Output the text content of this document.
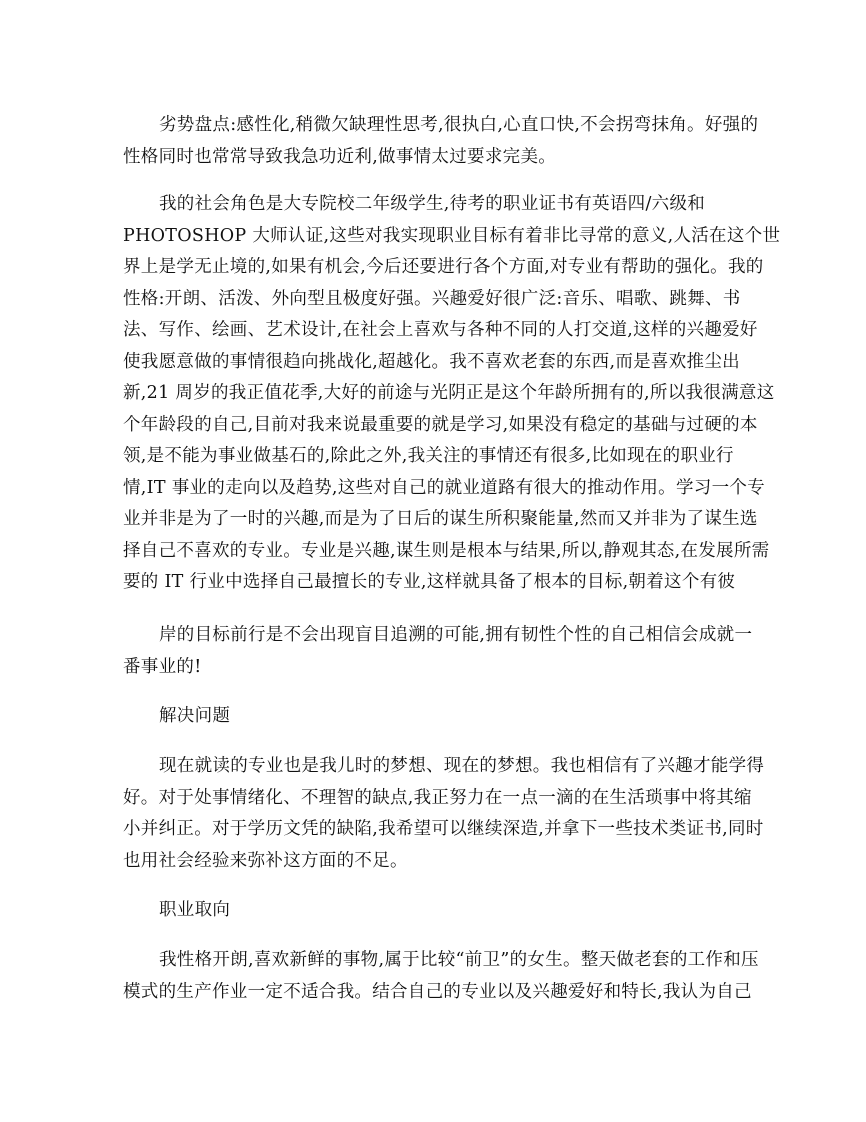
劣势盘点:感性化,稍微欠缺理性思考,很执白,心直口快,不会拐弯抹角。好强的
性格同时也常常导致我急功近利,做事情太过要求完美。
我的社会角色是大专院校二年级学生,待考的职业证书有英语四/六级和
PHOTOSHOP 大师认证,这些对我实现职业目标有着非比寻常的意义,人活在这个世
界上是学无止境的,如果有机会,今后还要进行各个方面,对专业有帮助的强化。我的
性格:开朗、活泼、外向型且极度好强。兴趣爱好很广泛:音乐、唱歌、跳舞、书
法、写作、绘画、艺术设计,在社会上喜欢与各种不同的人打交道,这样的兴趣爱好
使我愿意做的事情很趋向挑战化,超越化。我不喜欢老套的东西,而是喜欢推尘出
新,21 周岁的我正值花季,大好的前途与光阴正是这个年龄所拥有的,所以我很满意这
个年龄段的自己,目前对我来说最重要的就是学习,如果没有稳定的基础与过硬的本
领,是不能为事业做基石的,除此之外,我关注的事情还有很多,比如现在的职业行
情,IT 事业的走向以及趋势,这些对自己的就业道路有很大的推动作用。学习一个专
业并非是为了一时的兴趣,而是为了日后的谋生所积聚能量,然而又并非为了谋生选
择自己不喜欢的专业。专业是兴趣,谋生则是根本与结果,所以,静观其态,在发展所需
要的 IT 行业中选择自己最擅长的专业,这样就具备了根本的目标,朝着这个有彼
岸的目标前行是不会出现盲目追溯的可能,拥有韧性个性的自己相信会成就一
番事业的!
解决问题
现在就读的专业也是我儿时的梦想、现在的梦想。我也相信有了兴趣才能学得
好。对于处事情绪化、不理智的缺点,我正努力在一点一滴的在生活琐事中将其缩
小并纠正。对于学历文凭的缺陷,我希望可以继续深造,并拿下一些技术类证书,同时
也用社会经验来弥补这方面的不足。
职业取向
我性格开朗,喜欢新鲜的事物,属于比较“前卫”的女生。整天做老套的工作和压
模式的生产作业一定不适合我。结合自己的专业以及兴趣爱好和特长,我认为自己
